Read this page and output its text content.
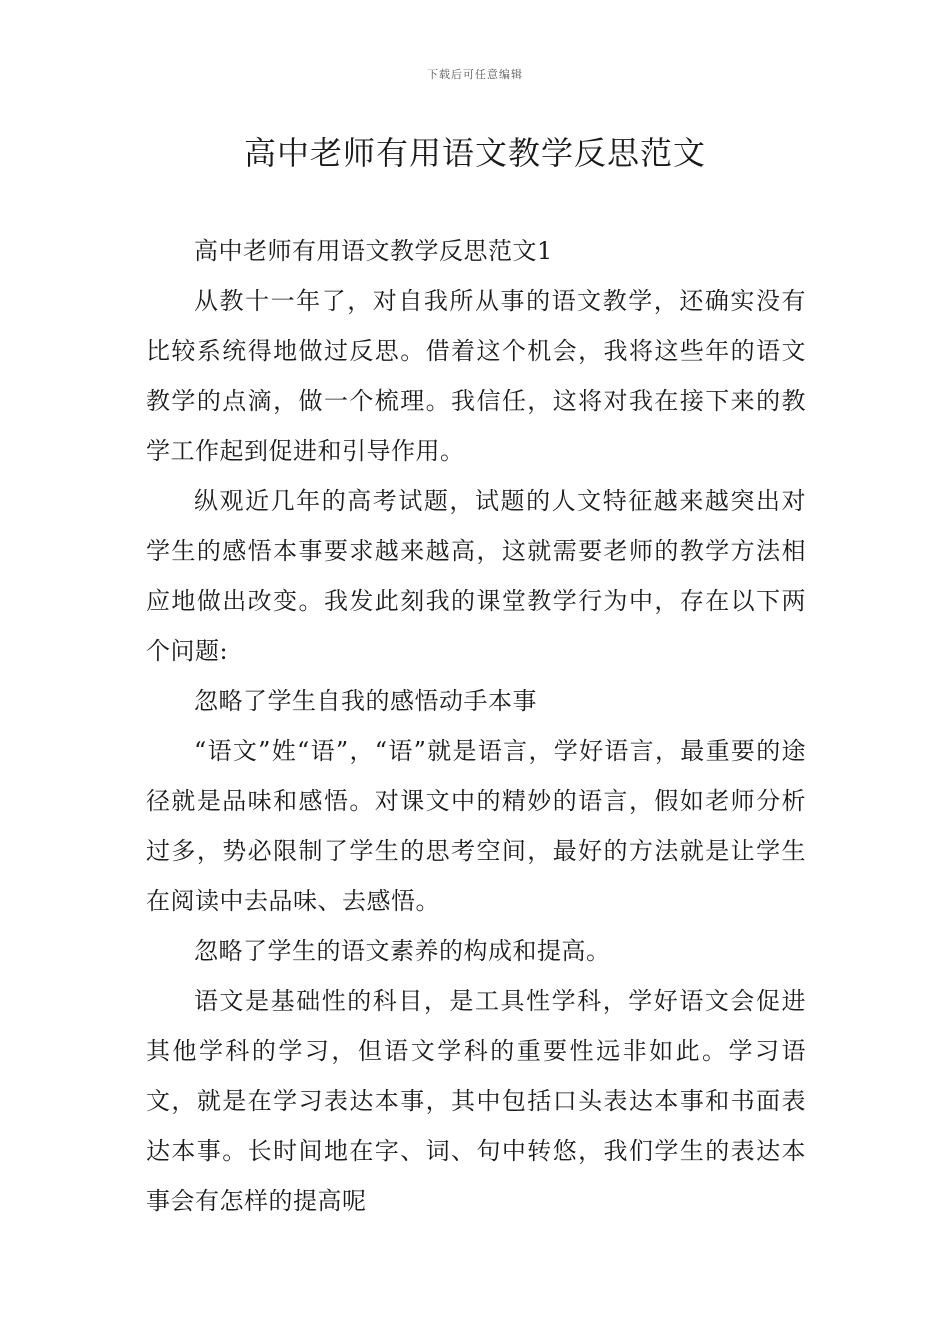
下载后可任意编辑
高中老师有用语文教学反思范文

高中老师有用语文教学反思范文1

从教十一年了，对自我所从事的语文教学，还确实没有比较系统得地做过反思。借着这个机会，我将这些年的语文教学的点滴，做一个梳理。我信任，这将对我在接下来的教学工作起到促进和引导作用。

纵观近几年的高考试题，试题的人文特征越来越突出对学生的感悟本事要求越来越高，这就需要老师的教学方法相应地做出改变。我发此刻我的课堂教学行为中，存在以下两个问题:

忽略了学生自我的感悟动手本事

“语文”姓“语”，“语”就是语言，学好语言，最重要的途径就是品味和感悟。对课文中的精妙的语言，假如老师分析过多，势必限制了学生的思考空间，最好的方法就是让学生在阅读中去品味、去感悟。

忽略了学生的语文素养的构成和提高。

语文是基础性的科目，是工具性学科，学好语文会促进其他学科的学习，但语文学科的重要性远非如此。学习语文，就是在学习表达本事，其中包括口头表达本事和书面表达本事。长时间地在字、词、句中转悠，我们学生的表达本事会有怎样的提高呢
